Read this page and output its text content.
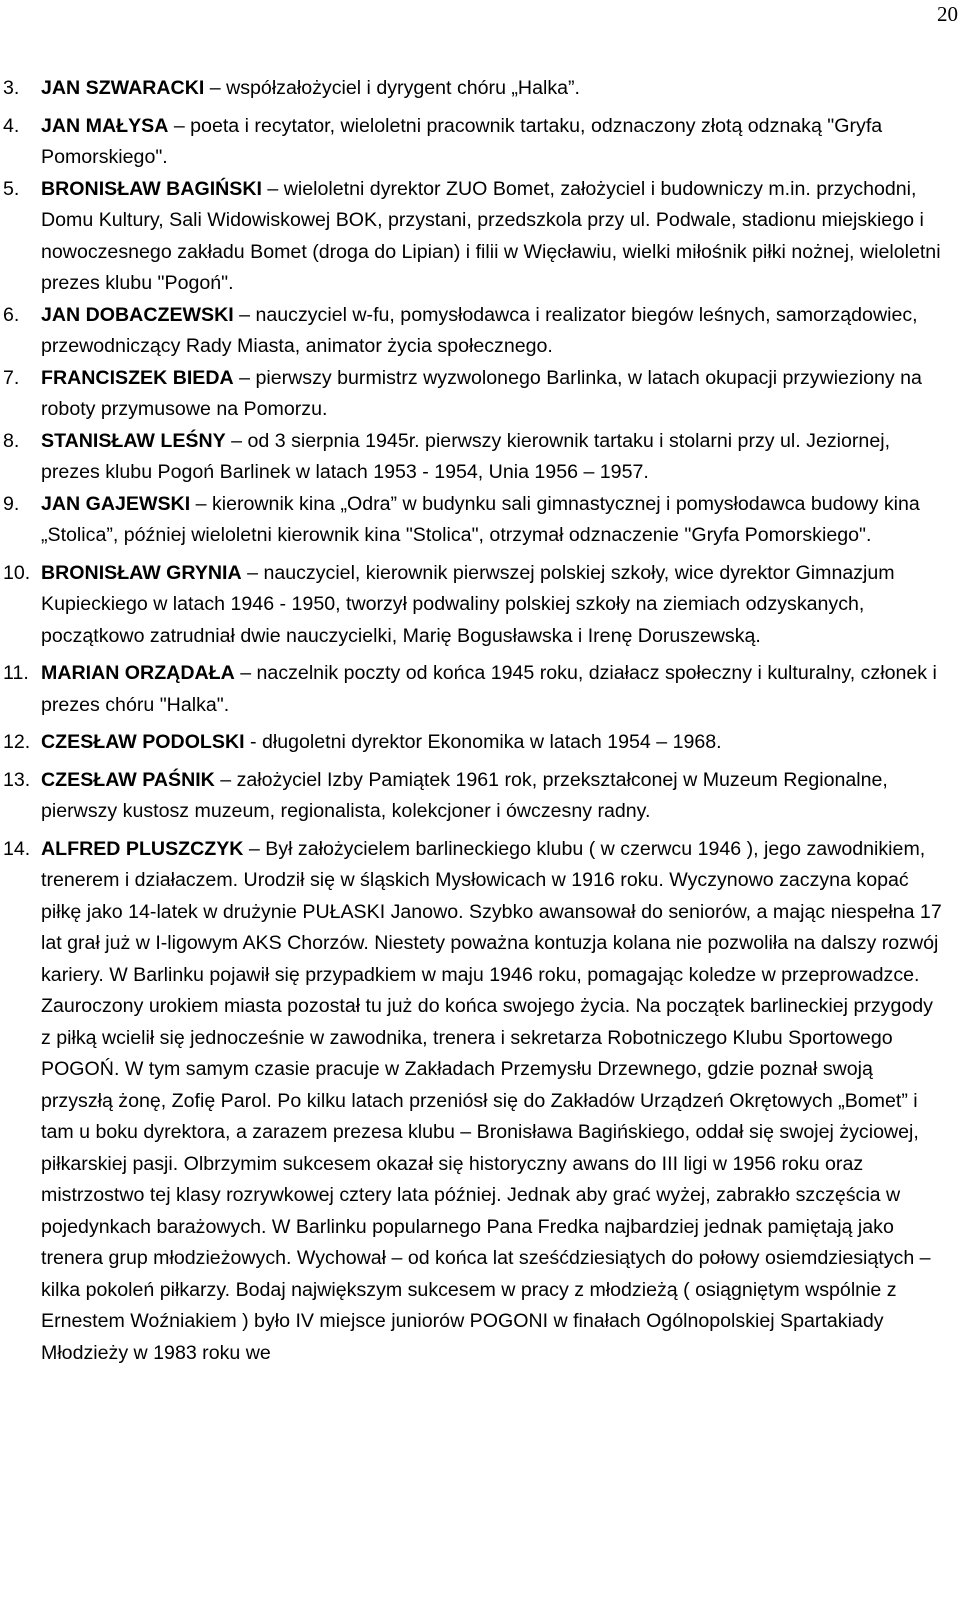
20
3. JAN SZWARACKI – współzałożyciel i dyrygent chóru „Halka”.
4. JAN MAŁYSA – poeta i recytator, wieloletni pracownik tartaku, odznaczony złotą odznaką "Gryfa Pomorskiego".
5. BRONISŁAW BAGIŃSKI – wieloletni dyrektor ZUO Bomet, założyciel i budowniczy m.in. przychodni, Domu Kultury, Sali Widowiskowej BOK, przystani, przedszkola przy ul. Podwale, stadionu miejskiego i nowoczesnego zakładu Bomet (droga do Lipian) i filii w Więcławiu, wielki miłośnik piłki nożnej, wieloletni prezes klubu "Pogoń".
6. JAN DOBACZEWSKI – nauczyciel w-fu, pomysłodawca i realizator biegów leśnych, samorządowiec, przewodniczący Rady Miasta, animator życia społecznego.
7. FRANCISZEK BIEDA – pierwszy burmistrz wyzwolonego Barlinka, w latach okupacji przywieziony na roboty przymusowe na Pomorzu.
8. STANISŁAW LEŚNY – od 3 sierpnia 1945r. pierwszy kierownik tartaku i stolarni przy ul. Jeziornej, prezes klubu Pogoń Barlinek w latach 1953 - 1954, Unia 1956 – 1957.
9. JAN GAJEWSKI – kierownik kina „Odra” w budynku sali gimnastycznej i pomysłodawca budowy kina „Stolica”, później wieloletni kierownik kina "Stolica", otrzymał odznaczenie "Gryfa Pomorskiego".
10. BRONISŁAW GRYNIA – nauczyciel, kierownik pierwszej polskiej szkoły, wice dyrektor Gimnazjum Kupieckiego w latach 1946 - 1950, tworzył podwaliny polskiej szkoły na ziemiach odzyskanych, początkowo zatrudniał dwie nauczycielki, Marię Bogusławska i Irenę Doruszewską.
11. MARIAN ORZĄDAŁA – naczelnik poczty od końca 1945 roku, działacz społeczny i kulturalny, członek i prezes chóru "Halka".
12. CZESŁAW PODOLSKI - długoletni dyrektor Ekonomika w latach 1954 – 1968.
13. CZESŁAW PAŚNIK – założyciel Izby Pamiątek 1961 rok, przekształconej w Muzeum Regionalne, pierwszy kustosz muzeum, regionalista, kolekcjoner i ówczesny radny.
14. ALFRED PLUSZCZYK – Był założycielem barlineckiego klubu ( w czerwcu 1946 ), jego zawodnikiem, trenerem i działaczem. Urodził się w śląskich Mysłowicach w 1916 roku. Wyczynowo zaczyna kopać piłkę jako 14-latek w drużynie PUŁASKI Janowo. Szybko awansował do seniorów, a mając niespełna 17 lat grał już w I-ligowym AKS Chorzów. Niestety poważna kontuzja kolana nie pozwoliła na dalszy rozwój kariery. W Barlinku pojawił się przypadkiem w maju 1946 roku, pomagając koledze w przeprowadzce. Zauroczony urokiem miasta pozostał tu już do końca swojego życia. Na początek barlineckiej przygody z piłką wcielił się jednocześnie w zawodnika, trenera i sekretarza Robotniczego Klubu Sportowego POGOŃ. W tym samym czasie pracuje w Zakładach Przemysłu Drzewnego, gdzie poznał swoją przyszłą żonę, Zofię Parol. Po kilku latach przeniósł się do Zakładów Urządzeń Okrętowych „Bomet” i tam u boku dyrektora, a zarazem prezesa klubu – Bronisława Bagińskiego, oddał się swojej życiowej, piłkarskiej pasji. Olbrzymim sukcesem okazał się historyczny awans do III ligi w 1956 roku oraz mistrzostwo tej klasy rozrywkowej cztery lata później. Jednak aby grać wyżej, zabrakło szczęścia w pojedynkach barażowych. W Barlinku popularnego Pana Fredka najbardziej jednak pamiętają jako trenera grup młodzieżowych. Wychował – od końca lat sześćdziesiątych do połowy osiemdziesiątych – kilka pokoleń piłkarzy. Bodaj największym sukcesem w pracy z młodzieżą ( osiągniętym wspólnie z Ernestem Woźniakiem ) było IV miejsce juniorów POGONI w finałach Ogólnopolskiej Spartakiady Młodzieży w 1983 roku we
